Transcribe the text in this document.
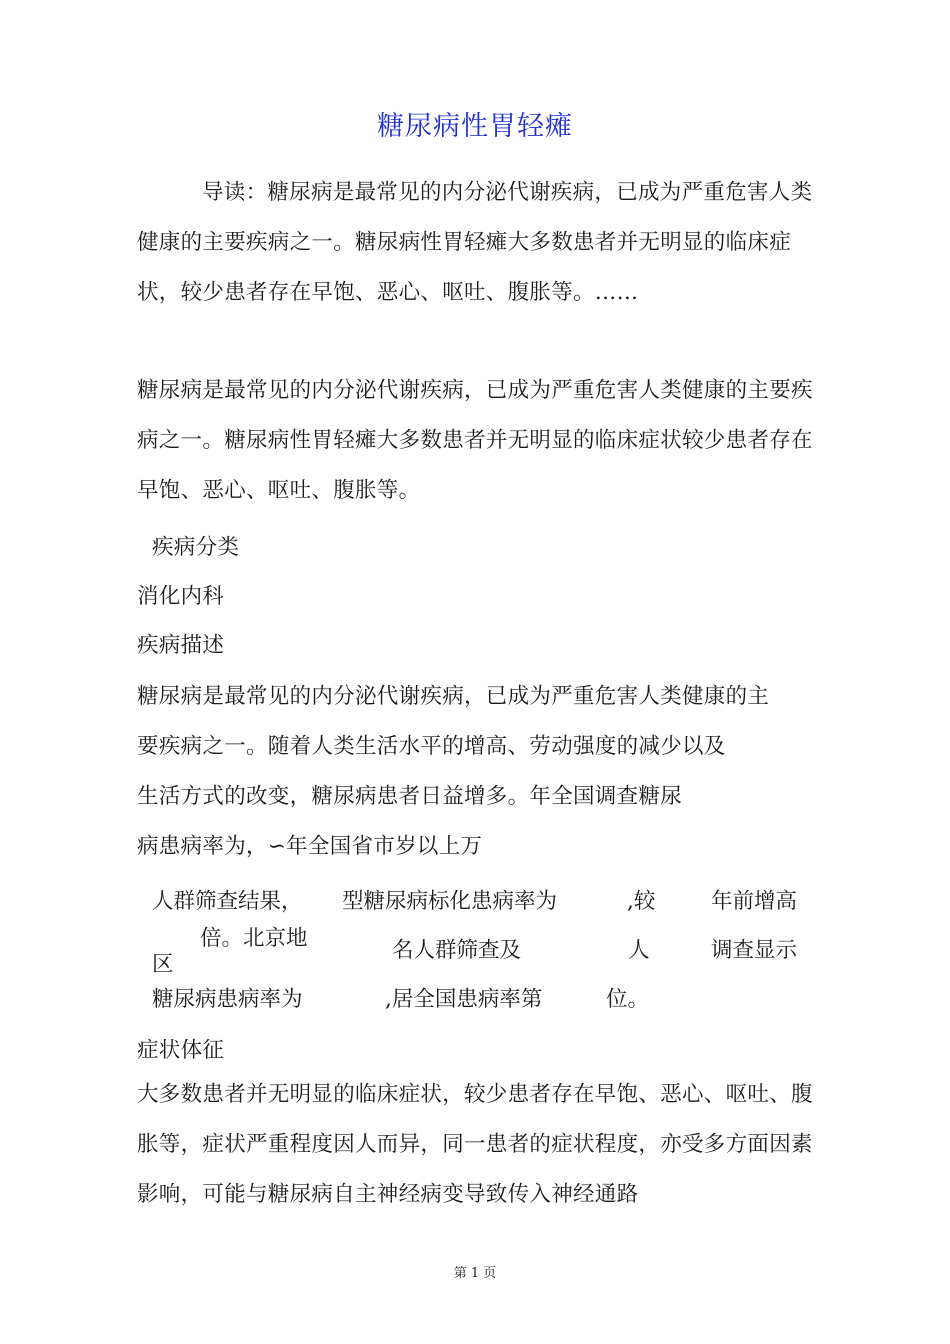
糖尿病性胃轻瘫
导读：糖尿病是最常见的内分泌代谢疾病，已成为严重危害人类健康的主要疾病之一。糖尿病性胃轻瘫大多数患者并无明显的临床症状，较少患者存在早饱、恶心、呕吐、腹胀等。……
糖尿病是最常见的内分泌代谢疾病，已成为严重危害人类健康的主要疾病之一。糖尿病性胃轻瘫大多数患者并无明显的临床症状较少患者存在早饱、恶心、呕吐、腹胀等。
疾病分类
消化内科
疾病描述
糖尿病是最常见的内分泌代谢疾病，已成为严重危害人类健康的主
要疾病之一。随着人类生活水平的增高、劳动强度的减少以及
生活方式的改变，糖尿病患者日益增多。年全国调查糖尿
病患病率为，∽年全国省市岁以上万
人群筛查结果， 型糖尿病标化患病率为	,较	年前增高
倍。北京地
区
名人群筛查及	人	调查显示
糖尿病患病率为	,居全国患病率第	位。
症状体征
大多数患者并无明显的临床症状，较少患者存在早饱、恶心、呕吐、腹胀等，症状严重程度因人而异，同一患者的症状程度，亦受多方面因素影响，可能与糖尿病自主神经病变导致传入神经通路
第 1 页
